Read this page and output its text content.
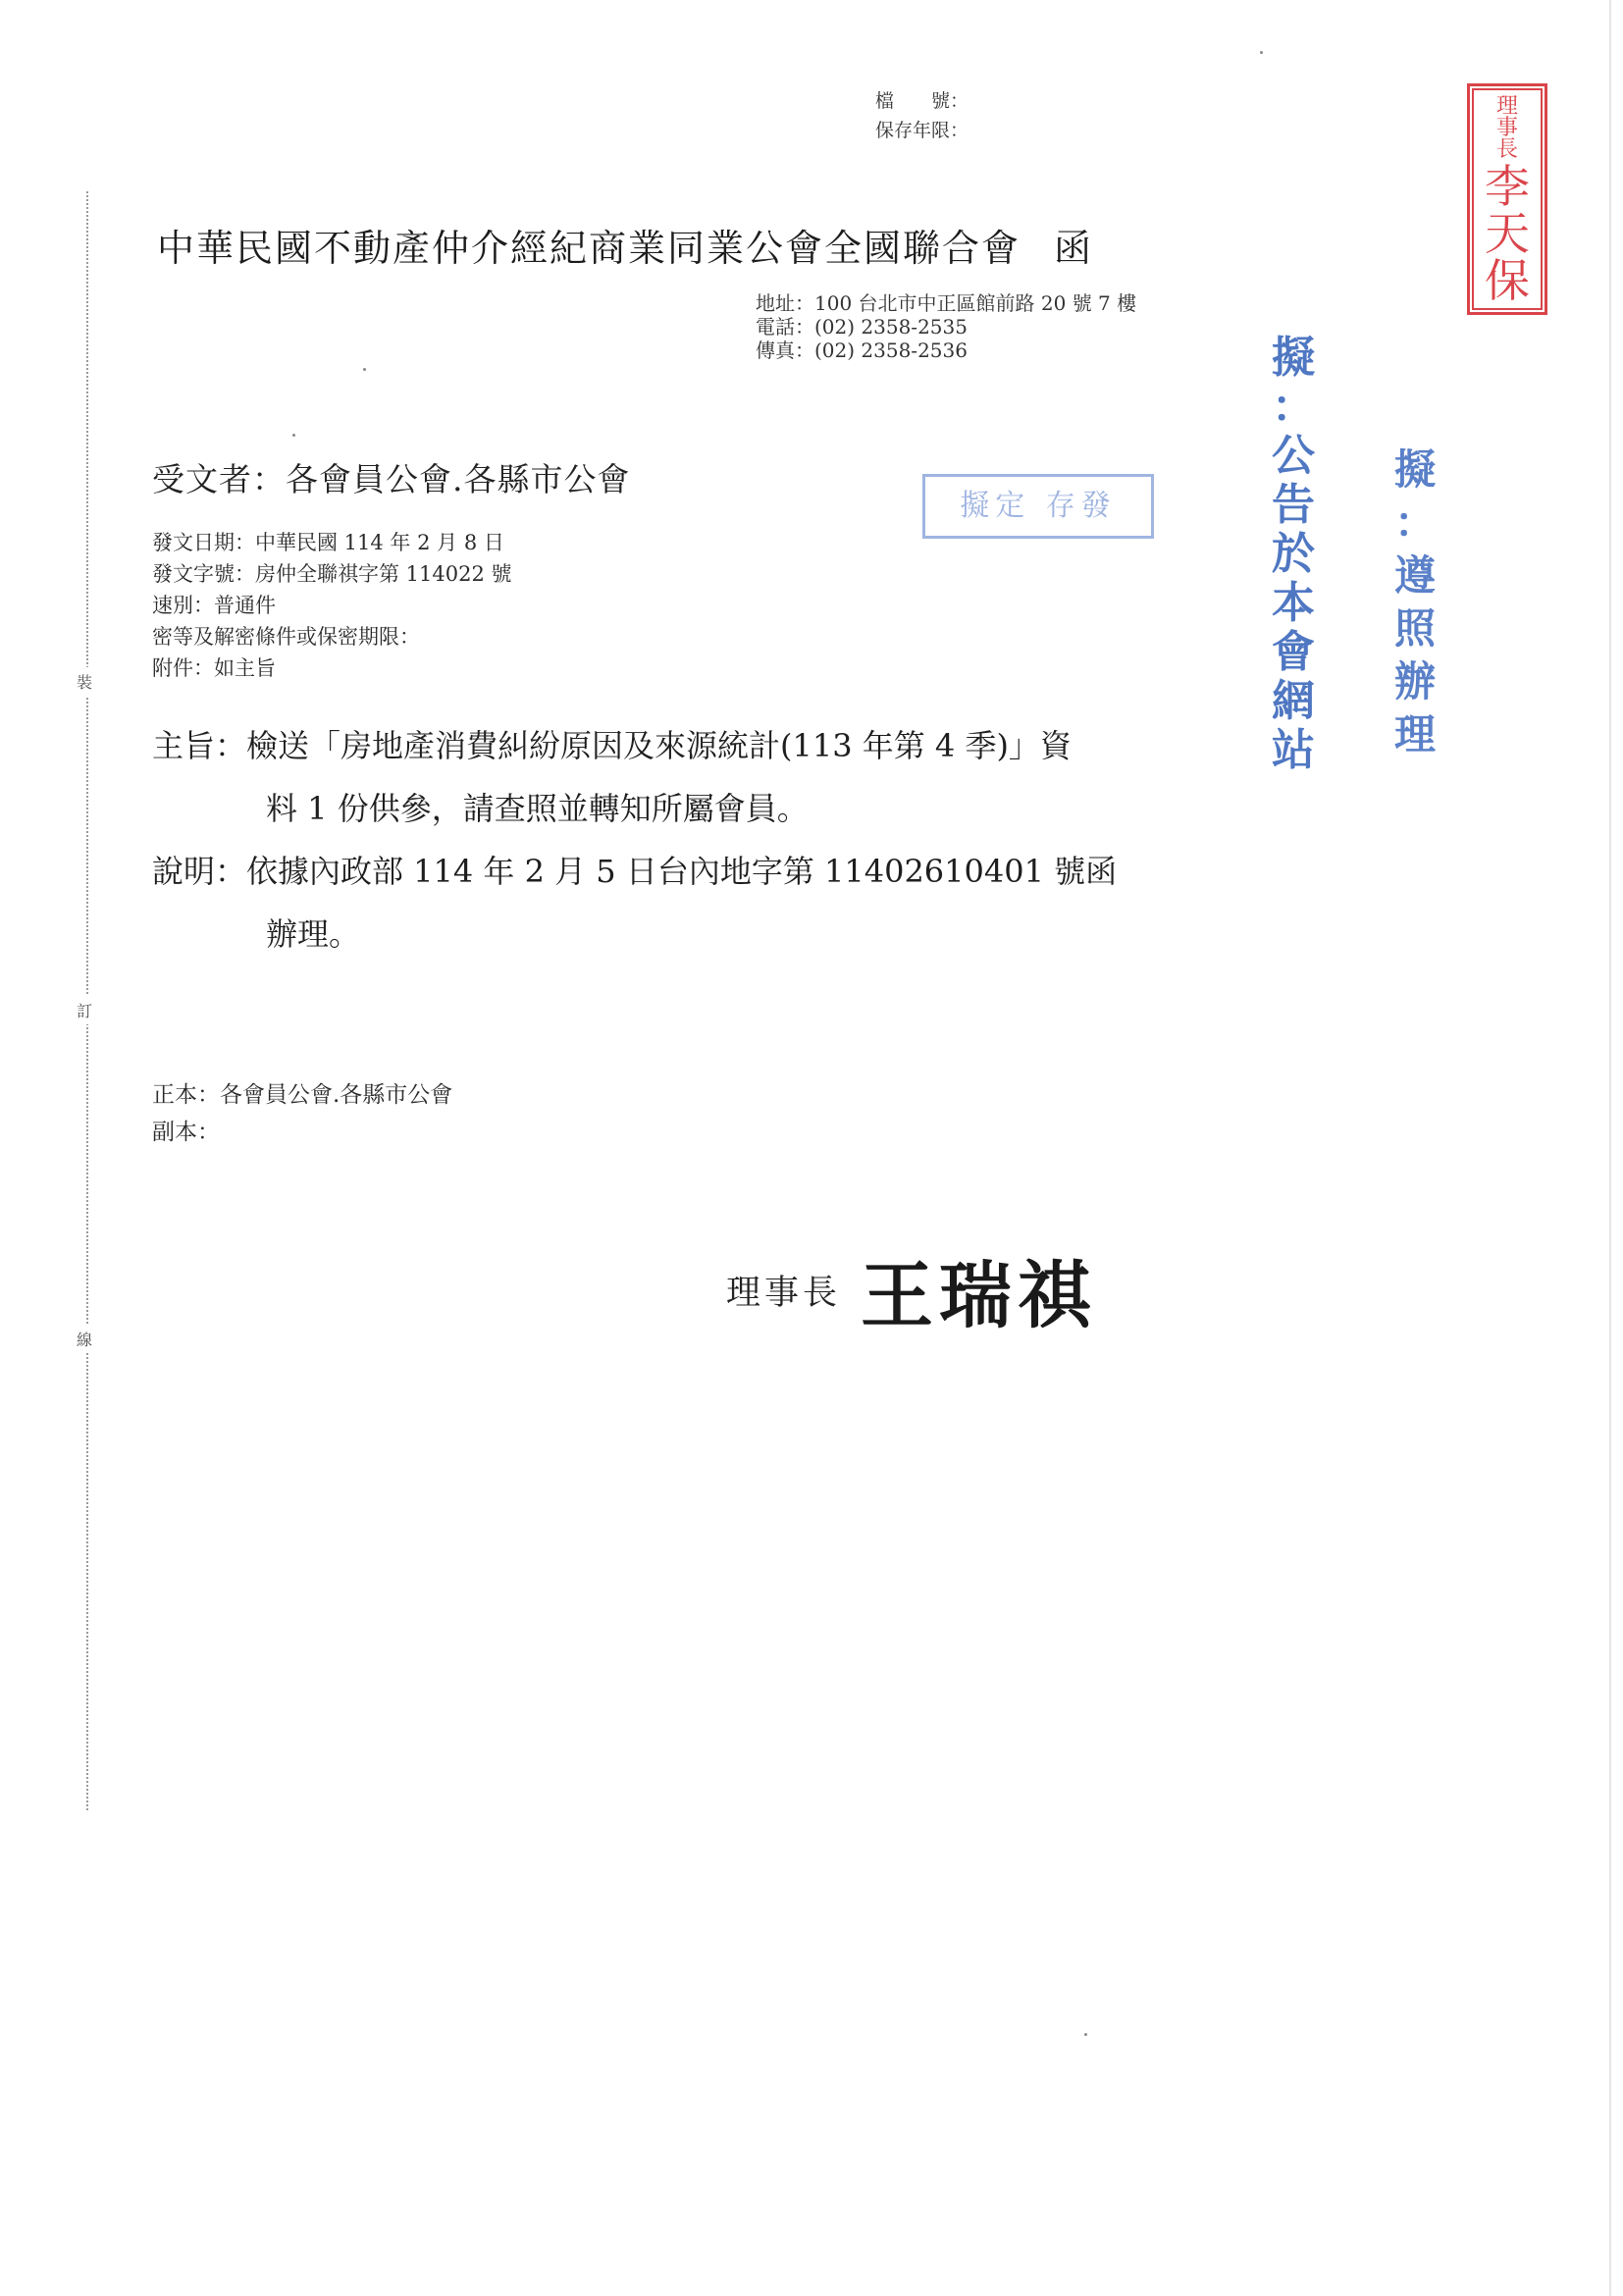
檔　　號：
保存年限：
裝
訂
線
中華民國不動產仲介經紀商業同業公會全國聯合會 函
地址：100 台北市中正區館前路 20 號 7 樓
電話：(02) 2358-2535
傳真：(02) 2358-2536
理
事
長
李
天
保
受文者：各會員公會.各縣市公會
擬定 存發
發文日期：中華民國 114 年 2 月 8 日
發文字號：房仲全聯祺字第 114022 號
速別：普通件
密等及解密條件或保密期限：
附件：如主旨
主旨：檢送「房地產消費糾紛原因及來源統計(113 年第 4 季)」資
料 1 份供參，請查照並轉知所屬會員。
說明：依據內政部 114 年 2 月 5 日台內地字第 11402610401 號函
辦理。
正本：各會員公會.各縣市公會
副本：
理事長 王瑞祺
擬
：
公
告
於
本
會
網
站
擬
：
遵
照
辦
理
